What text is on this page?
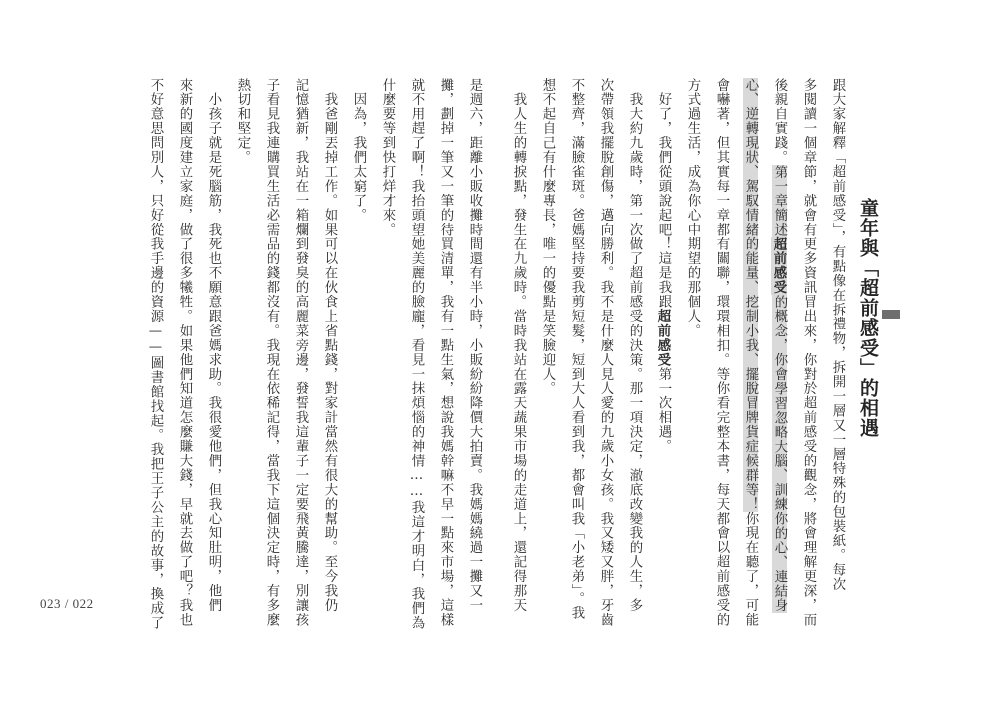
童年與「超前感受」的相遇
跟大家解釋「超前感受」，有點像在拆禮物，拆開一層又一層特殊的包裝紙。每次
多閱讀一個章節，就會有更多資訊冒出來，你對於超前感受的觀念，將會理解更深，而
後親自實踐。第一章簡述超前感受的概念，你會學習忽略大腦、訓練你的心、連結身
心、逆轉現狀、駕馭情緒的能量、挖制小我、擺脫冒牌貨症候群等！你現在聽了，可能
會嚇著，但其實每一章都有關聯，環環相扣。等你看完整本書，每天都會以超前感受的
方式過生活，成為你心中期望的那個人。
　好了，我們從頭說起吧！這是我跟超前感受第一次相遇。
　我大約九歲時，第一次做了超前感受的決策。那一項決定，澈底改變我的人生，多
次帶領我擺脫創傷，邁向勝利。我不是什麼人見人愛的九歲小女孩。我又矮又胖，牙齒
不整齊，滿臉雀斑。爸媽堅持要我剪短髮，短到大人看到我，都會叫我「小老弟」。我
想不起自己有什麼專長，唯一的優點是笑臉迎人。
　我人生的轉捩點，發生在九歲時。當時我站在露天蔬果市場的走道上，還記得那天
是週六，距離小販收攤時間還有半小時，小販紛紛降價大拍賣。我媽媽繞過一攤又一
攤，劃掉一筆又一筆的待買清單，我有一點生氣，想說我媽幹嘛不早一點來市場，這樣
就不用趕了啊！我抬頭望她美麗的臉龐，看見一抹煩惱的神情……我這才明白，我們為
什麼要等到快打烊才來。
　因為，我們太窮了。
　我爸剛丟掉工作。如果可以在伙食上省點錢，對家計當然有很大的幫助。至今我仍
記憶猶新，我站在一箱爛到發臭的高麗菜旁邊，發誓我這輩子一定要飛黃騰達，別讓孩
子看見我連購買生活必需品的錢都沒有。我現在依稀記得，當我下這個決定時，有多麼
熱切和堅定。
　小孩子就是死腦筋，我死也不願意跟爸媽求助。我很愛他們，但我心知肚明，他們
來新的國度建立家庭，做了很多犧牲。如果他們知道怎麼賺大錢，早就去做了吧？我也
不好意思問別人，只好從我手邊的資源——圖書館找起。我把王子公主的故事，換成了
023 / 022
